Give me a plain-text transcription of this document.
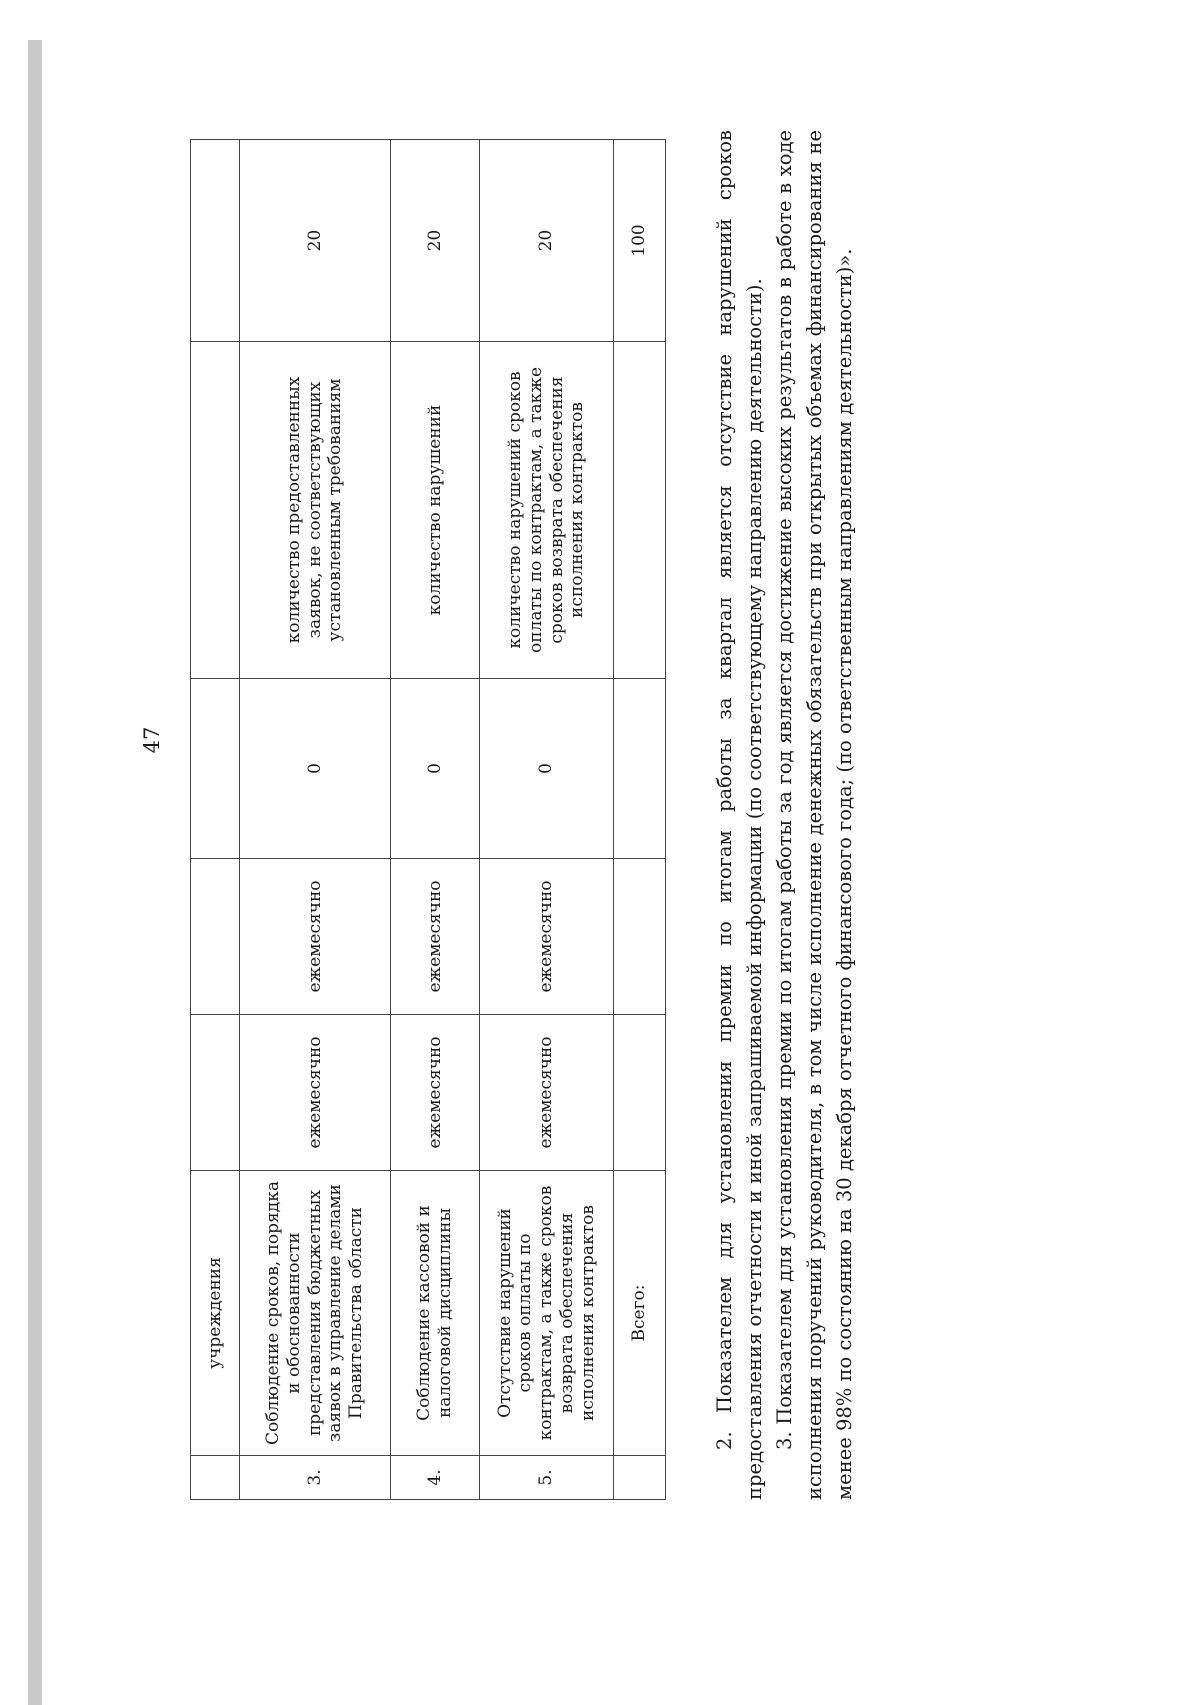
47
	учреждения					
3.	Соблюдение сроков, порядка и обоснованности представления бюджетных заявок в управление делами Правительства области	ежемесячно	ежемесячно	0	количество предоставленных заявок, не соответствующих установленным требованиям	20
4.	Соблюдение кассовой и налоговой дисциплины	ежемесячно	ежемесячно	0	количество нарушений	20
5.	Отсутствие нарушений сроков оплаты по контрактам, а также сроков возврата обеспечения исполнения контрактов	ежемесячно	ежемесячно	0	количество нарушений сроков оплаты по контрактам, а также сроков возврата обеспечения исполнения контрактов	20
	Всего:					100	2. Показателем для установления премии по итогам работы за квартал является отсутствие нарушений сроков предоставления отчетности и иной запрашиваемой информации (по соответствующему направлению деятельности). 3. Показателем для установления премии по итогам работы за год является достижение высоких результатов в работе в ходе исполнения поручений руководителя, в том числе исполнение денежных обязательств при открытых объемах финансирования не менее 98% по состоянию на 30 декабря отчетного финансового года; (по ответственным направлениям деятельности)».
